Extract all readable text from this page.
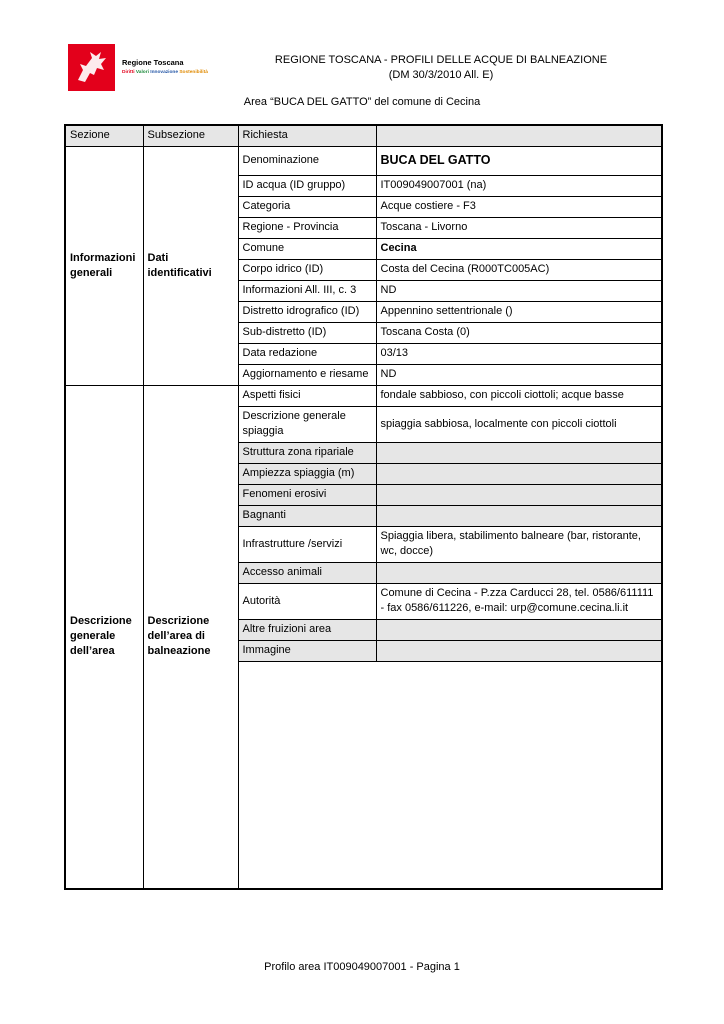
Regione Toscana
Diritti Valori Innovazione Sostenibilità
REGIONE TOSCANA - PROFILI DELLE ACQUE DI BALNEAZIONE
(DM 30/3/2010 All. E)
Area “BUCA DEL GATTO” del comune di Cecina
Sezione	Subsezione	Richiesta	
Informazioni generali	Dati identificativi	Denominazione	BUCA DEL GATTO
		ID acqua (ID gruppo)	IT009049007001 (na)
		Categoria	Acque costiere - F3
		Regione - Provincia	Toscana - Livorno
		Comune	Cecina
		Corpo idrico (ID)	Costa del Cecina (R000TC005AC)
		Informazioni All. III, c. 3	ND
		Distretto idrografico (ID)	Appennino settentrionale ()
		Sub-distretto (ID)	Toscana Costa (0)
		Data redazione	03/13
		Aggiornamento e riesame	ND
Descrizione generale dell’area	Descrizione dell’area di balneazione	Aspetti fisici	fondale sabbioso, con piccoli ciottoli; acque basse
		Descrizione generale spiaggia	spiaggia sabbiosa, localmente con piccoli ciottoli
		Struttura zona ripariale	
		Ampiezza spiaggia (m)	
		Fenomeni erosivi	
		Bagnanti	
		Infrastrutture /servizi	Spiaggia libera, stabilimento balneare (bar, ristorante, wc, docce)
		Accesso animali	
		Autorità	Comune di Cecina - P.zza Carducci 28, tel. 0586/611111 - fax 0586/611226, e-mail: urp@comune.cecina.li.it
		Altre fruizioni area	
		Immagine	

Profilo area IT009049007001 - Pagina 1
